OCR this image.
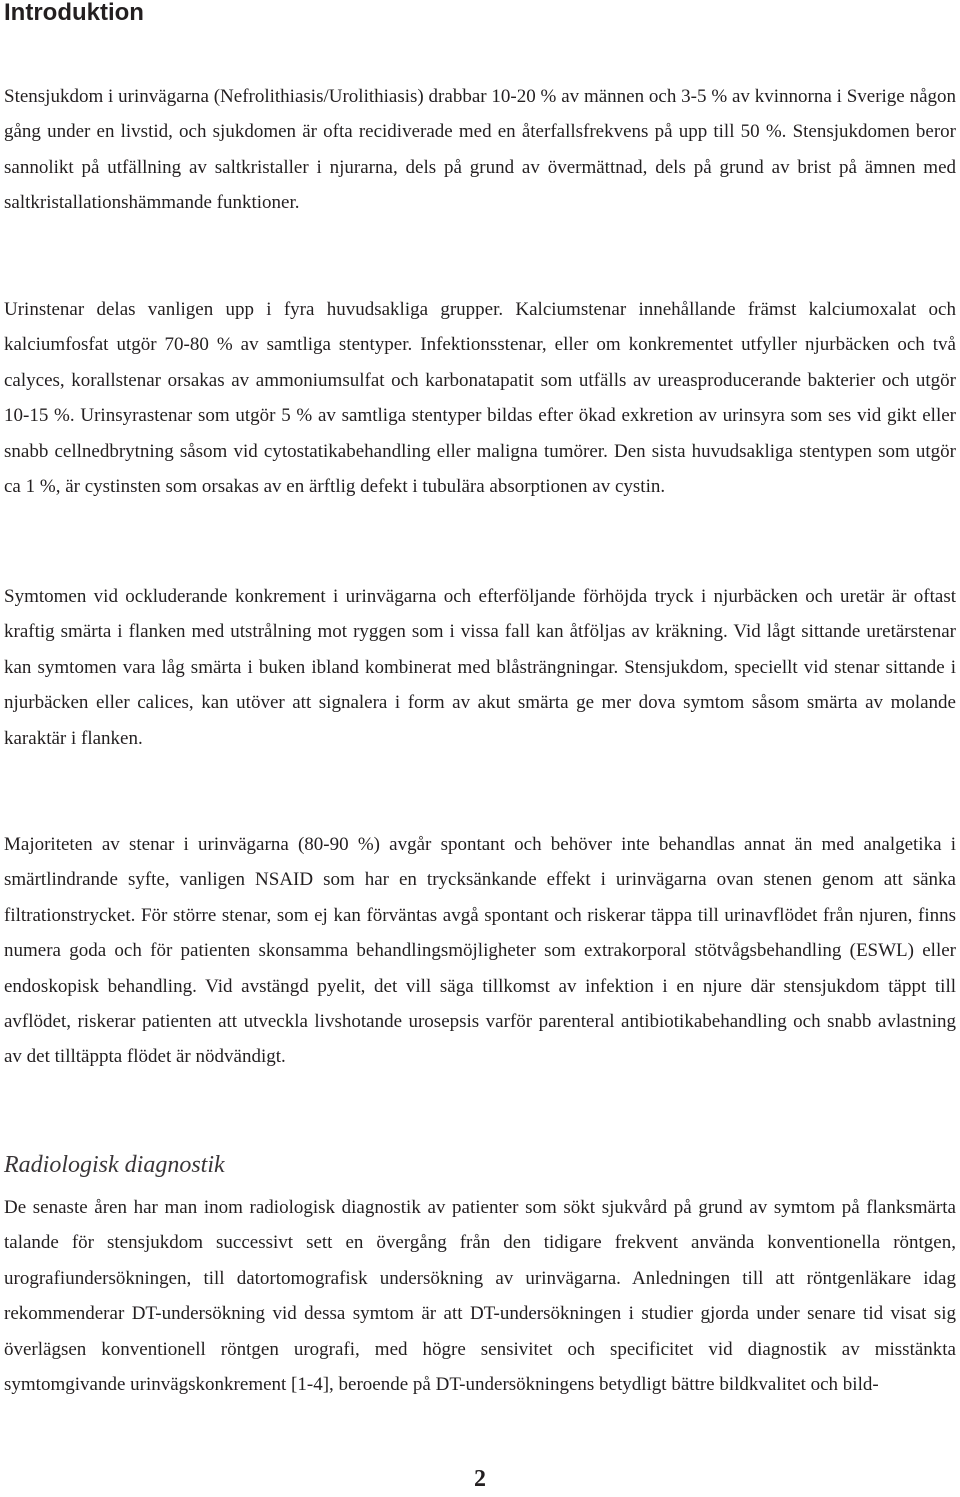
Introduktion

Stensjukdom i urinvägarna (Nefrolithiasis/Urolithiasis) drabbar 10-20 % av männen och 3-5 % av kvinnorna i Sverige någon gång under en livstid, och sjukdomen är ofta recidiverade med en återfallsfrekvens på upp till 50 %. Stensjukdomen beror sannolikt på utfällning av saltkristaller i njurarna, dels på grund av övermättnad, dels på grund av brist på ämnen med saltkristallationshämmande funktioner.

Urinstenar delas vanligen upp i fyra huvudsakliga grupper. Kalciumstenar innehållande främst kalciumoxalat och kalciumfosfat utgör 70-80 % av samtliga stentyper. Infektionsstenar, eller om konkrementet utfyller njurbäcken och två calyces, korallstenar orsakas av ammoniumsulfat och karbonatapatit som utfälls av ureasproducerande bakterier och utgör 10-15 %. Urinsyrastenar som utgör 5 % av samtliga stentyper bildas efter ökad exkretion av urinsyra som ses vid gikt eller snabb cellnedbrytning såsom vid cytostatikabehandling eller maligna tumörer. Den sista huvudsakliga stentypen som utgör ca 1 %, är cystinsten som orsakas av en ärftlig defekt i tubulära absorptionen av cystin.

Symtomen vid ockluderande konkrement i urinvägarna och efterföljande förhöjda tryck i njurbäcken och uretär är oftast kraftig smärta i flanken med utstrålning mot ryggen som i vissa fall kan åtföljas av kräkning. Vid lågt sittande uretärstenar kan symtomen vara låg smärta i buken ibland kombinerat med blåsträngningar. Stensjukdom, speciellt vid stenar sittande i njurbäcken eller calices, kan utöver att signalera i form av akut smärta ge mer dova symtom såsom smärta av molande karaktär i flanken.

Majoriteten av stenar i urinvägarna (80-90 %) avgår spontant och behöver inte behandlas annat än med analgetika i smärtlindrande syfte, vanligen NSAID som har en trycksänkande effekt i urinvägarna ovan stenen genom att sänka filtrationstrycket. För större stenar, som ej kan förväntas avgå spontant och riskerar täppa till urinavflödet från njuren, finns numera goda och för patienten skonsamma behandlingsmöjligheter som extrakorporal stötvågsbehandling (ESWL) eller endoskopisk behandling. Vid avstängd pyelit, det vill säga tillkomst av infektion i en njure där stensjukdom täppt till avflödet, riskerar patienten att utveckla livshotande urosepsis varför parenteral antibiotikabehandling och snabb avlastning av det tilltäppta flödet är nödvändigt.

Radiologisk diagnostik

De senaste åren har man inom radiologisk diagnostik av patienter som sökt sjukvård på grund av symtom på flanksmärta talande för stensjukdom successivt sett en övergång från den tidigare frekvent använda konventionella röntgen, urografiundersökningen, till datortomografisk undersökning av urinvägarna. Anledningen till att röntgenläkare idag rekommenderar DT-undersökning vid dessa symtom är att DT-undersökningen i studier gjorda under senare tid visat sig överlägsen konventionell röntgen urografi, med högre sensivitet och specificitet vid diagnostik av misstänkta symtomgivande urinvägskonkrement [1-4], beroende på DT-undersökningens betydligt bättre bildkvalitet och bild-

2
